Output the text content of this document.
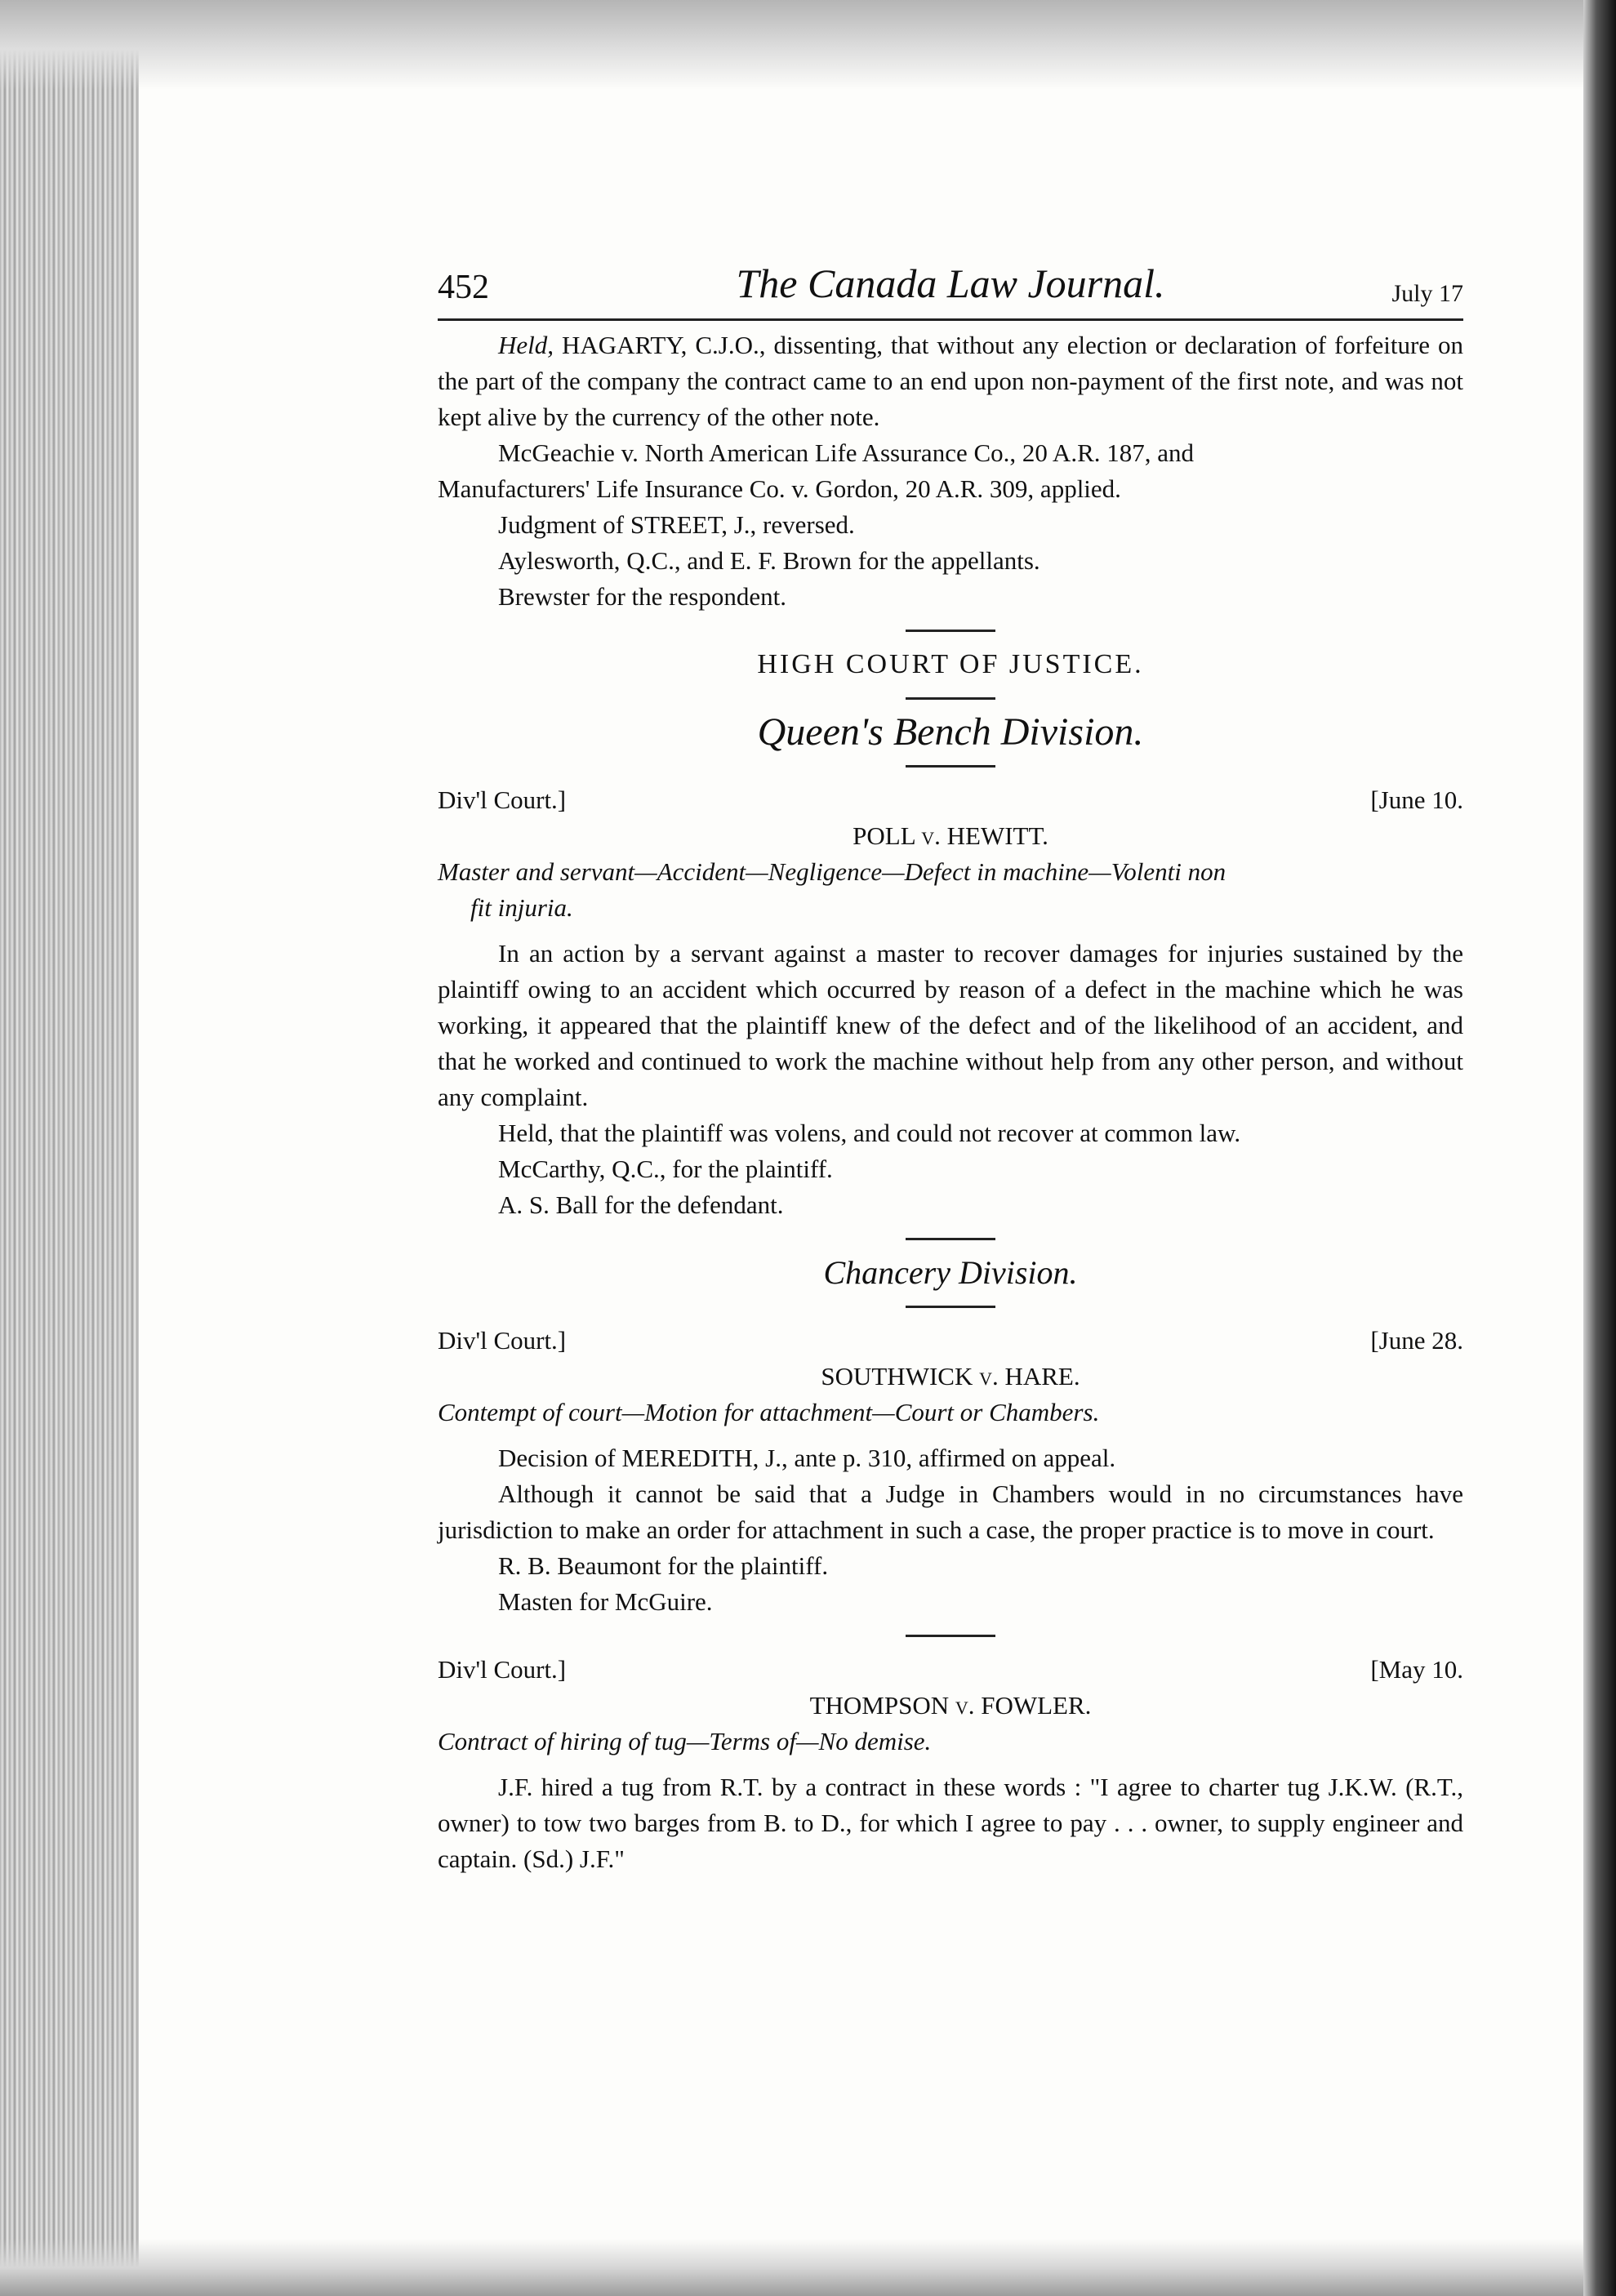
452	The Canada Law Journal.	July 17

Held, HAGARTY, C.J.O., dissenting, that without any election or declaration of forfeiture on the part of the company the contract came to an end upon non-payment of the first note, and was not kept alive by the currency of the other note.

McGeachie v. North American Life Assurance Co., 20 A.R. 187, and

Manufacturers' Life Insurance Co. v. Gordon, 20 A.R. 309, applied.

Judgment of STREET, J., reversed.

Aylesworth, Q.C., and E. F. Brown for the appellants.

Brewster for the respondent.

HIGH COURT OF JUSTICE.
Queen's Bench Division.
Div'l Court.]	[June 10.
POLL v. HEWITT.

Master and servant—Accident—Negligence—Defect in machine—Volenti non

fit injuria.

In an action by a servant against a master to recover damages for injuries sustained by the plaintiff owing to an accident which occurred by reason of a defect in the machine which he was working, it appeared that the plaintiff knew of the defect and of the likelihood of an accident, and that he worked and continued to work the machine without help from any other person, and without any complaint.

Held, that the plaintiff was volens, and could not recover at common law.

McCarthy, Q.C., for the plaintiff.

A. S. Ball for the defendant.

Chancery Division.
Div'l Court.]	[June 28.
SOUTHWICK v. HARE.

Contempt of court—Motion for attachment—Court or Chambers.

Decision of MEREDITH, J., ante p. 310, affirmed on appeal.

Although it cannot be said that a Judge in Chambers would in no circumstances have jurisdiction to make an order for attachment in such a case, the proper practice is to move in court.

R. B. Beaumont for the plaintiff.

Masten for McGuire.

Div'l Court.]	[May 10.
THOMPSON v. FOWLER.

Contract of hiring of tug—Terms of—No demise.

J.F. hired a tug from R.T. by a contract in these words : "I agree to charter tug J.K.W. (R.T., owner) to tow two barges from B. to D., for which I agree to pay . . . owner, to supply engineer and captain. (Sd.) J.F."
